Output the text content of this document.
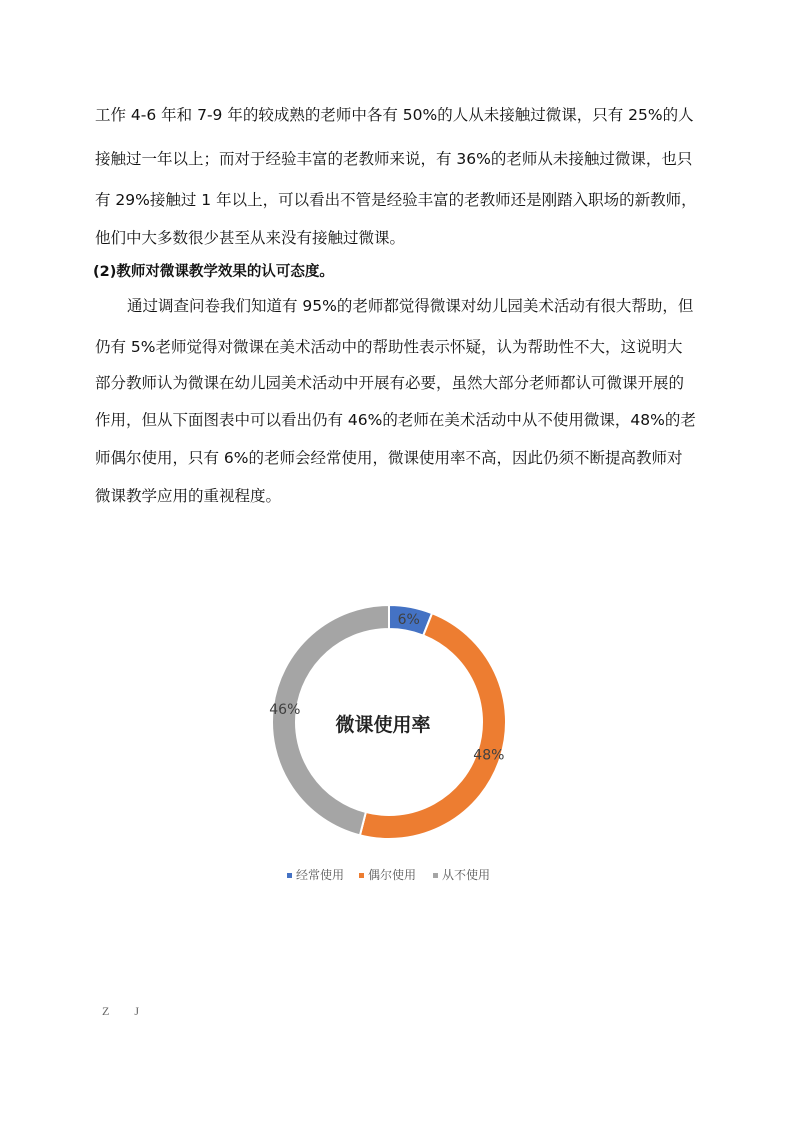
工作 4-6 年和 7-9 年的较成熟的老师中各有 50%的人从未接触过微课，只有 25%的人
接触过一年以上；而对于经验丰富的老教师来说，有 36%的老师从未接触过微课，也只
有 29%接触过 1 年以上，可以看出不管是经验丰富的老教师还是刚踏入职场的新教师，
他们中大多数很少甚至从来没有接触过微课。
(2)教师对微课教学效果的认可态度。
通过调查问卷我们知道有 95%的老师都觉得微课对幼儿园美术活动有很大帮助，但
仍有 5%老师觉得对微课在美术活动中的帮助性表示怀疑，认为帮助性不大，这说明大
部分教师认为微课在幼儿园美术活动中开展有必要，虽然大部分老师都认可微课开展的
作用，但从下面图表中可以看出仍有 46%的老师在美术活动中从不使用微课，48%的老
师偶尔使用，只有 6%的老师会经常使用，微课使用率不高，因此仍须不断提高教师对
微课教学应用的重视程度。
6%
48%
46%
微课使用率
经常使用 偶尔使用 从不使用
Z J
